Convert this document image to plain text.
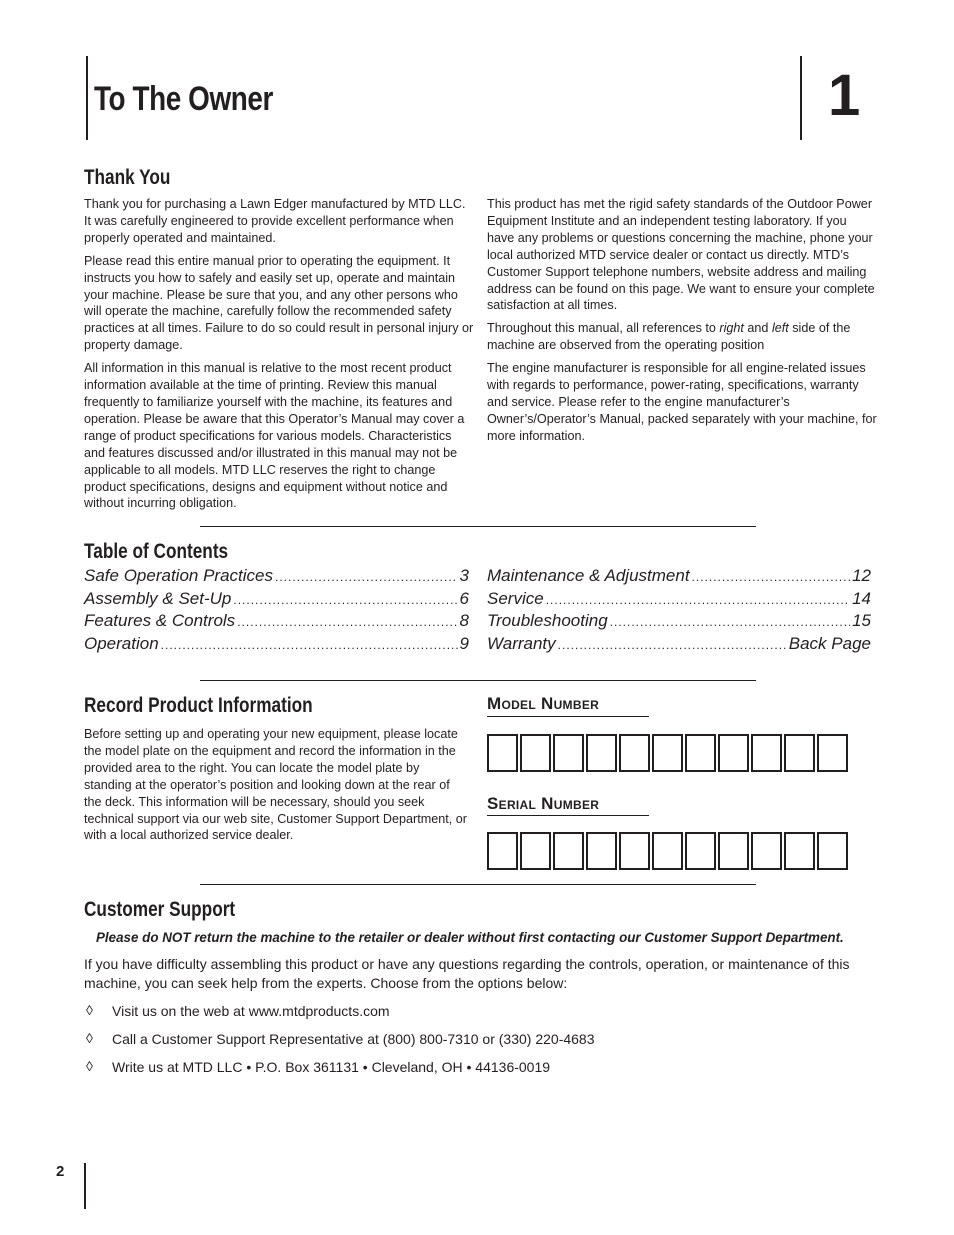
To The Owner	1
Thank You

Thank you for purchasing a Lawn Edger manufactured by MTD LLC. It was carefully engineered to provide excellent performance when properly operated and maintained.

Please read this entire manual prior to operating the equipment. It instructs you how to safely and easily set up, operate and maintain your machine. Please be sure that you, and any other persons who will operate the machine, carefully follow the recommended safety practices at all times. Failure to do so could result in personal injury or property damage.

All information in this manual is relative to the most recent product information available at the time of printing. Review this manual frequently to familiarize yourself with the machine, its features and operation. Please be aware that this Operator’s Manual may cover a range of product specifications for various models. Characteristics and features discussed and/or illustrated in this manual may not be applicable to all models. MTD LLC reserves the right to change product specifications, designs and equipment without notice and without incurring obligation.

This product has met the rigid safety standards of the Outdoor Power Equipment Institute and an independent testing laboratory. If you have any problems or questions concerning the machine, phone your local authorized MTD service dealer or contact us directly. MTD’s Customer Support telephone numbers, website address and mailing address can be found on this page. We want to ensure your complete satisfaction at all times.

Throughout this manual, all references to right and left side of the machine are observed from the operating position

The engine manufacturer is responsible for all engine-related issues with regards to performance, power-rating, specifications, warranty and service. Please refer to the engine manufacturer’s Owner’s/Operator’s Manual, packed separately with your machine, for more information.

Table of Contents
Safe Operation Practices .....	3
Assembly & Set-Up .....	6
Features & Controls .....	8
Operation .....	9
Maintenance & Adjustment .....	12
Service .....	14
Troubleshooting .....	15
Warranty .....	Back Page
Record Product Information
Before setting up and operating your new equipment, please locate the model plate on the equipment and record the information in the provided area to the right. You can locate the model plate by standing at the operator’s position and looking down at the rear of the deck. This information will be necessary, should you seek technical support via our web site, Customer Support Department, or with a local authorized service dealer.
Model Number
Serial Number
Customer Support
Please do NOT return the machine to the retailer or dealer without first contacting our Customer Support Department.
If you have difficulty assembling this product or have any questions regarding the controls, operation, or maintenance of this machine, you can seek help from the experts. Choose from the options below:
◊ Visit us on the web at www.mtdproducts.com
◊ Call a Customer Support Representative at (800) 800-7310 or (330) 220-4683
◊ Write us at MTD LLC • P.O. Box 361131 • Cleveland, OH • 44136-0019
2
